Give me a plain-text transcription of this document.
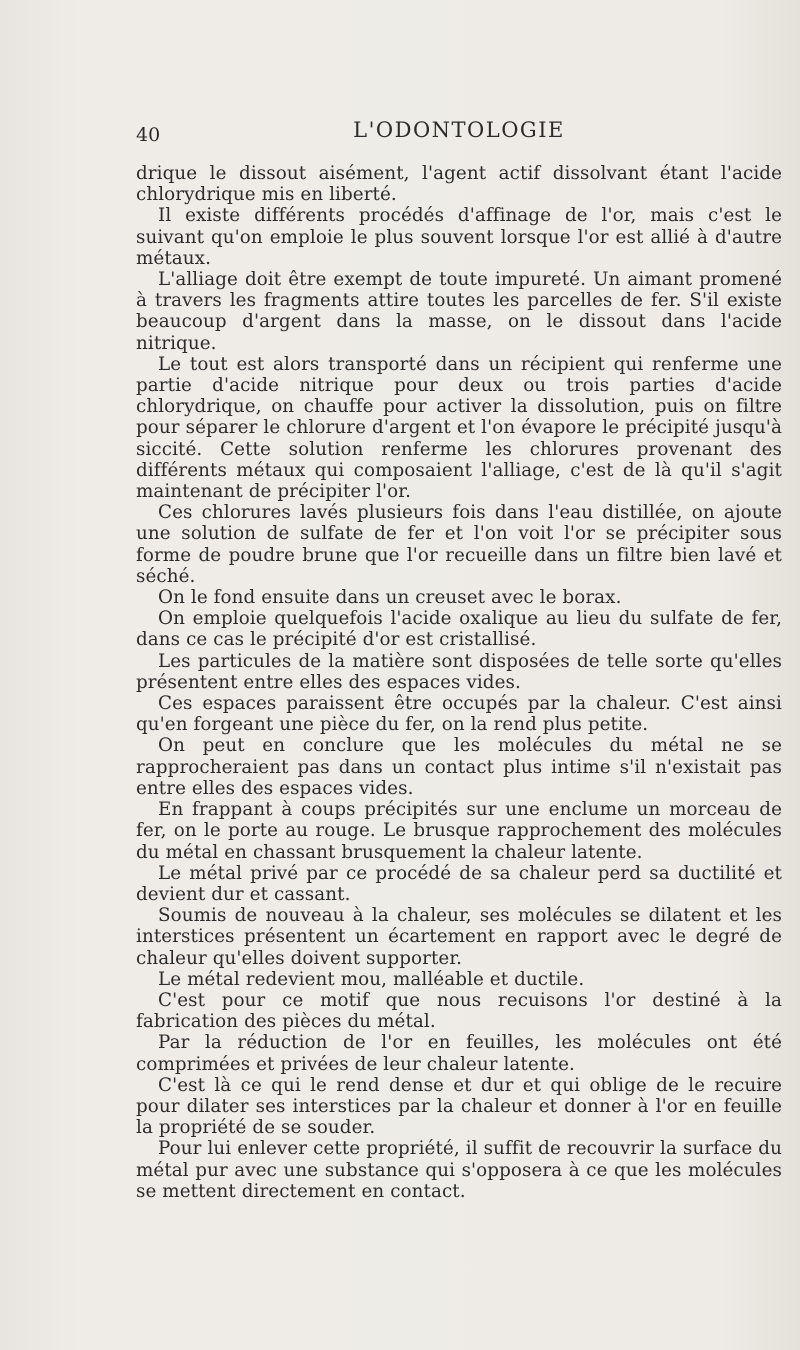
40	L'ODONTOLOGIE

drique le dissout aisément, l'agent actif dissolvant étant l'acide chlorydrique mis en liberté.

Il existe différents procédés d'affinage de l'or, mais c'est le suivant qu'on emploie le plus souvent lorsque l'or est allié à d'autre métaux.

L'alliage doit être exempt de toute impureté. Un aimant promené à travers les fragments attire toutes les parcelles de fer. S'il existe beaucoup d'argent dans la masse, on le dissout dans l'acide nitrique.

Le tout est alors transporté dans un récipient qui renferme une partie d'acide nitrique pour deux ou trois parties d'acide chlorydrique, on chauffe pour activer la dissolution, puis on filtre pour séparer le chlorure d'argent et l'on évapore le précipité jusqu'à siccité. Cette solution renferme les chlorures provenant des différents métaux qui composaient l'alliage, c'est de là qu'il s'agit maintenant de précipiter l'or.

Ces chlorures lavés plusieurs fois dans l'eau distillée, on ajoute une solution de sulfate de fer et l'on voit l'or se précipiter sous forme de poudre brune que l'or recueille dans un filtre bien lavé et séché.

On le fond ensuite dans un creuset avec le borax.

On emploie quelquefois l'acide oxalique au lieu du sulfate de fer, dans ce cas le précipité d'or est cristallisé.

Les particules de la matière sont disposées de telle sorte qu'elles présentent entre elles des espaces vides.

Ces espaces paraissent être occupés par la chaleur. C'est ainsi qu'en forgeant une pièce du fer, on la rend plus petite.

On peut en conclure que les molécules du métal ne se rapprocheraient pas dans un contact plus intime s'il n'existait pas entre elles des espaces vides.

En frappant à coups précipités sur une enclume un morceau de fer, on le porte au rouge. Le brusque rapprochement des molécules du métal en chassant brusquement la chaleur latente.

Le métal privé par ce procédé de sa chaleur perd sa ductilité et devient dur et cassant.

Soumis de nouveau à la chaleur, ses molécules se dilatent et les interstices présentent un écartement en rapport avec le degré de chaleur qu'elles doivent supporter.

Le métal redevient mou, malléable et ductile.

C'est pour ce motif que nous recuisons l'or destiné à la fabrication des pièces du métal.

Par la réduction de l'or en feuilles, les molécules ont été comprimées et privées de leur chaleur latente.

C'est là ce qui le rend dense et dur et qui oblige de le recuire pour dilater ses interstices par la chaleur et donner à l'or en feuille la propriété de se souder.

Pour lui enlever cette propriété, il suffit de recouvrir la surface du métal pur avec une substance qui s'opposera à ce que les molécules se mettent directement en contact.
